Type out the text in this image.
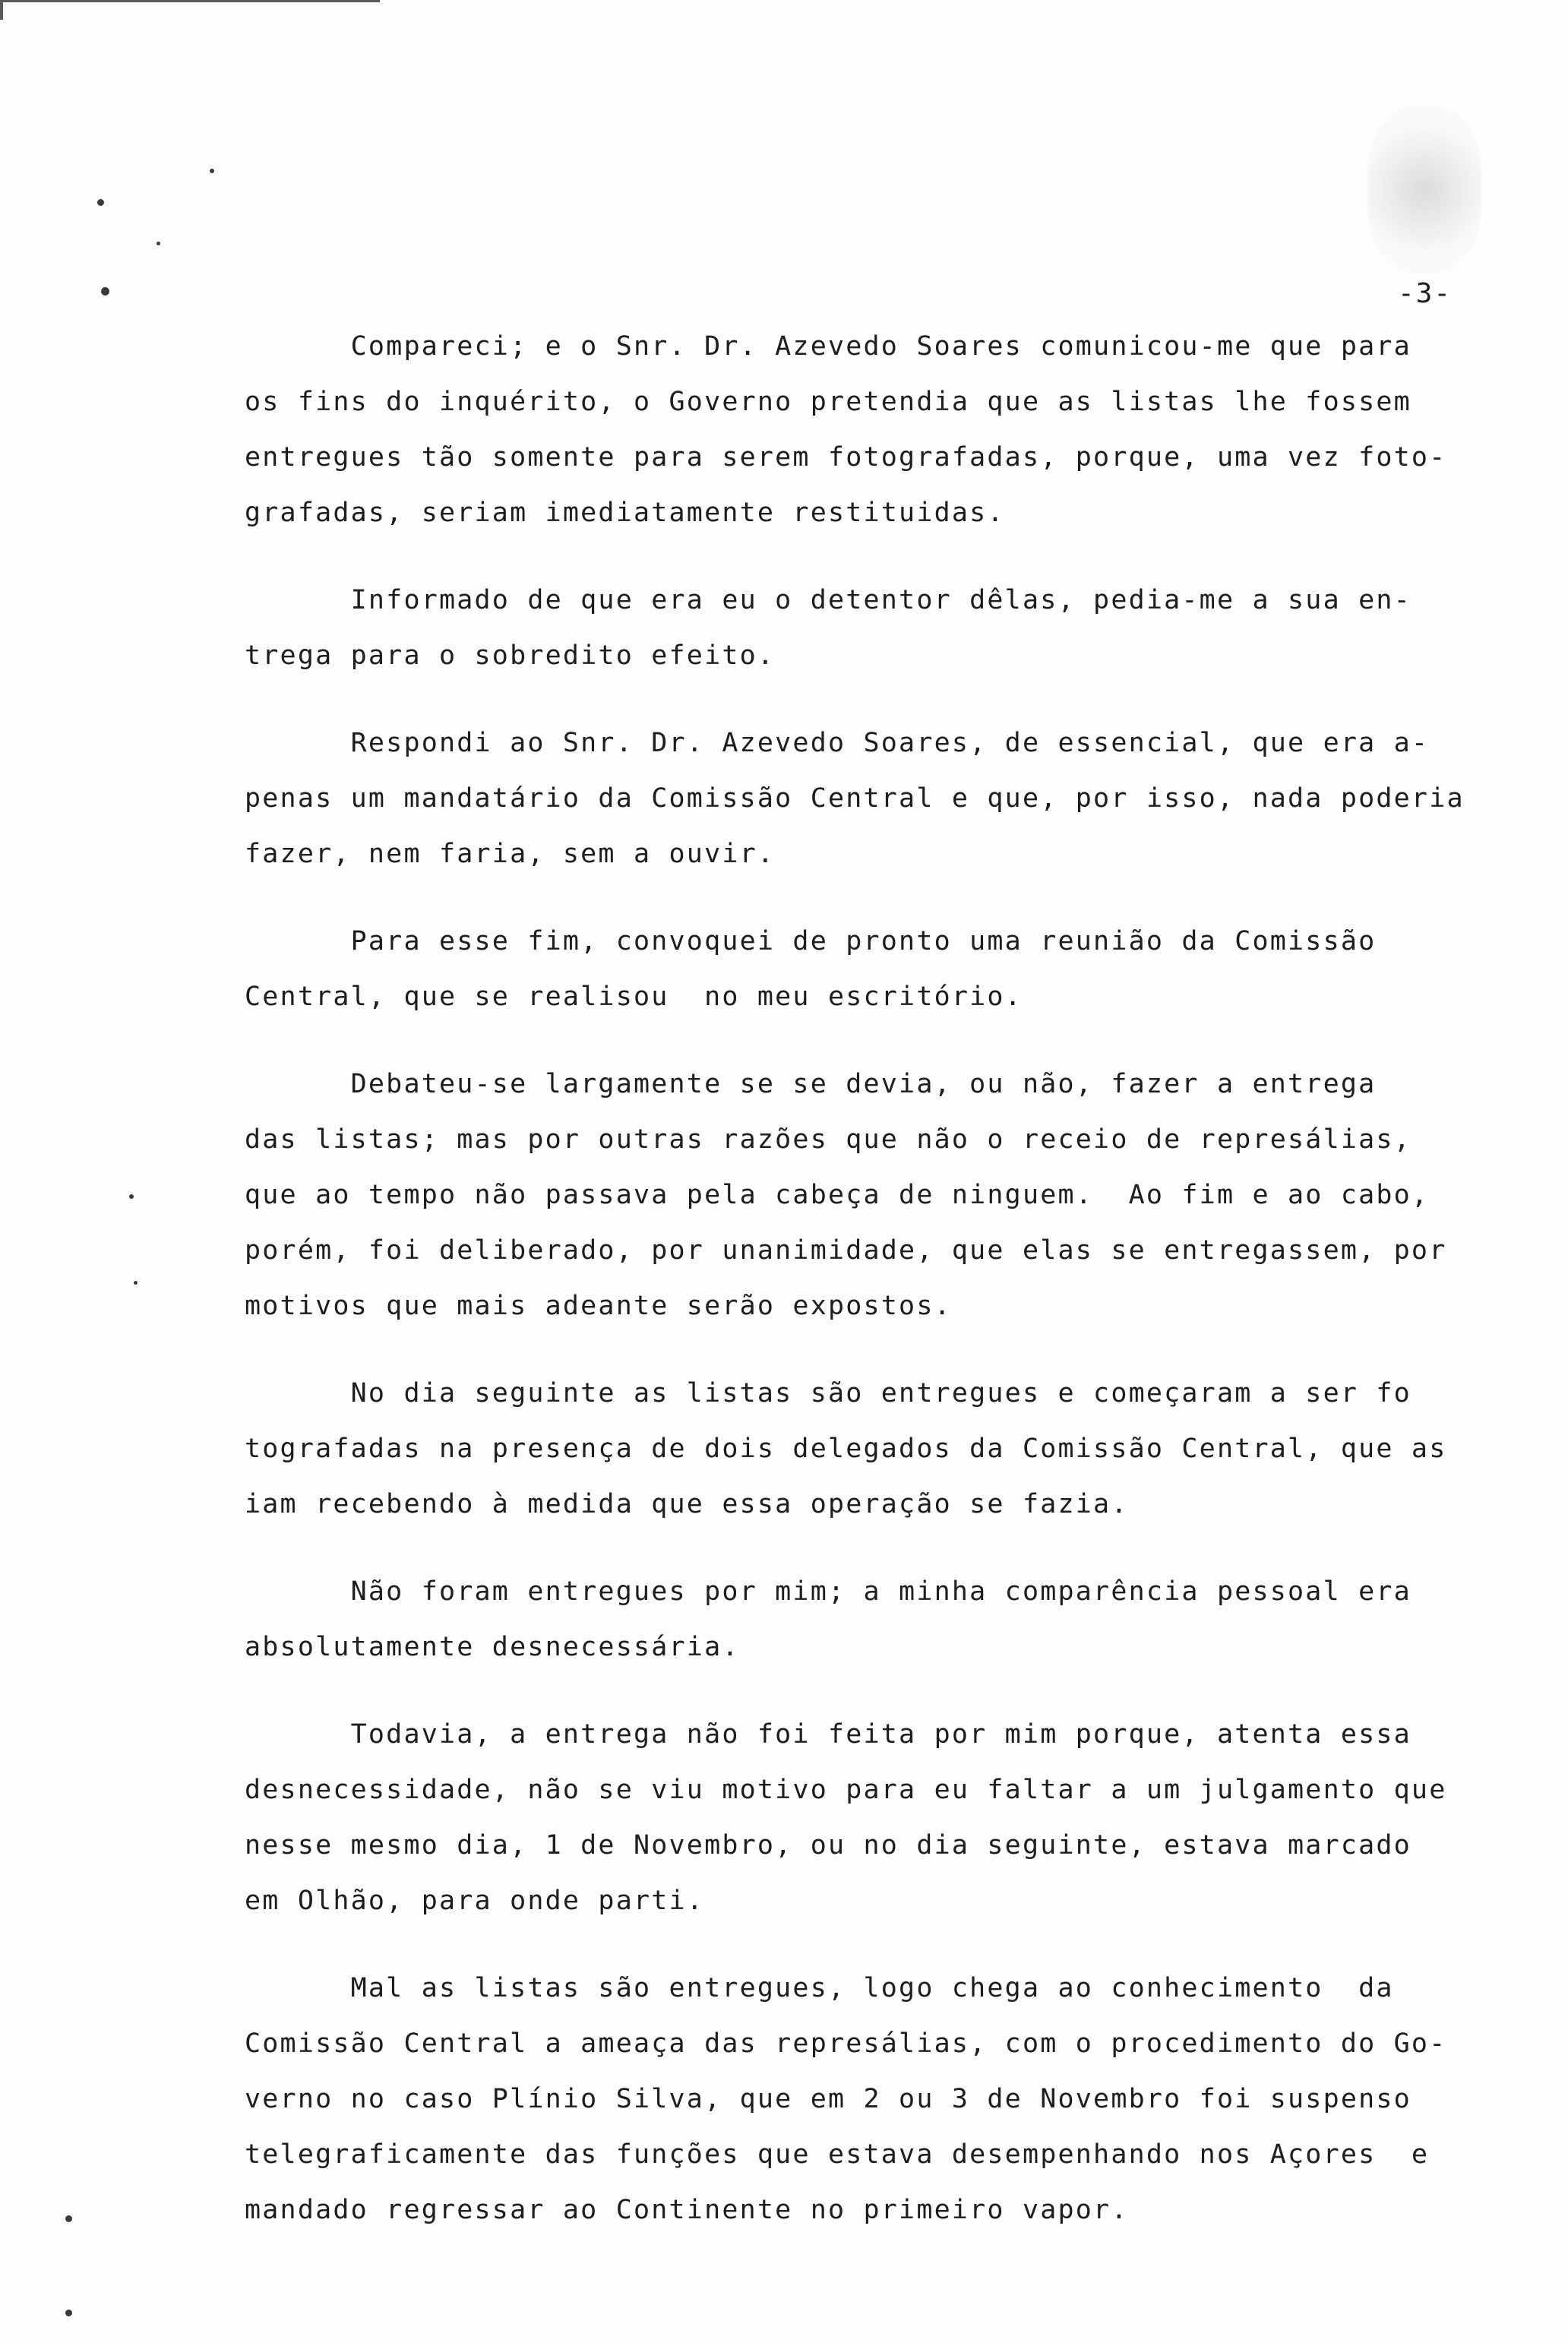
-3-

Compareci; e o Snr. Dr. Azevedo Soares comunicou-me que para
os fins do inquérito, o Governo pretendia que as listas lhe fossem
entregues tão somente para serem fotografadas, porque, uma vez foto-
grafadas, seriam imediatamente restituidas.

Informado de que era eu o detentor dêlas, pedia-me a sua en-
trega para o sobredito efeito.

Respondi ao Snr. Dr. Azevedo Soares, de essencial, que era a-
penas um mandatário da Comissão Central e que, por isso, nada poderia
fazer, nem faria, sem a ouvir.

Para esse fim, convoquei de pronto uma reunião da Comissão
Central, que se realisou  no meu escritório.

Debateu-se largamente se se devia, ou não, fazer a entrega
das listas; mas por outras razões que não o receio de represálias,
que ao tempo não passava pela cabeça de ninguem.  Ao fim e ao cabo,
porém, foi deliberado, por unanimidade, que elas se entregassem, por
motivos que mais adeante serão expostos.

No dia seguinte as listas são entregues e começaram a ser fo
tografadas na presença de dois delegados da Comissão Central, que as
iam recebendo à medida que essa operação se fazia.

Não foram entregues por mim; a minha comparência pessoal era
absolutamente desnecessária.

Todavia, a entrega não foi feita por mim porque, atenta essa
desnecessidade, não se viu motivo para eu faltar a um julgamento que
nesse mesmo dia, 1 de Novembro, ou no dia seguinte, estava marcado
em Olhão, para onde parti.

Mal as listas são entregues, logo chega ao conhecimento  da
Comissão Central a ameaça das represálias, com o procedimento do Go-
verno no caso Plínio Silva, que em 2 ou 3 de Novembro foi suspenso
telegraficamente das funções que estava desempenhando nos Açores  e
mandado regressar ao Continente no primeiro vapor.
